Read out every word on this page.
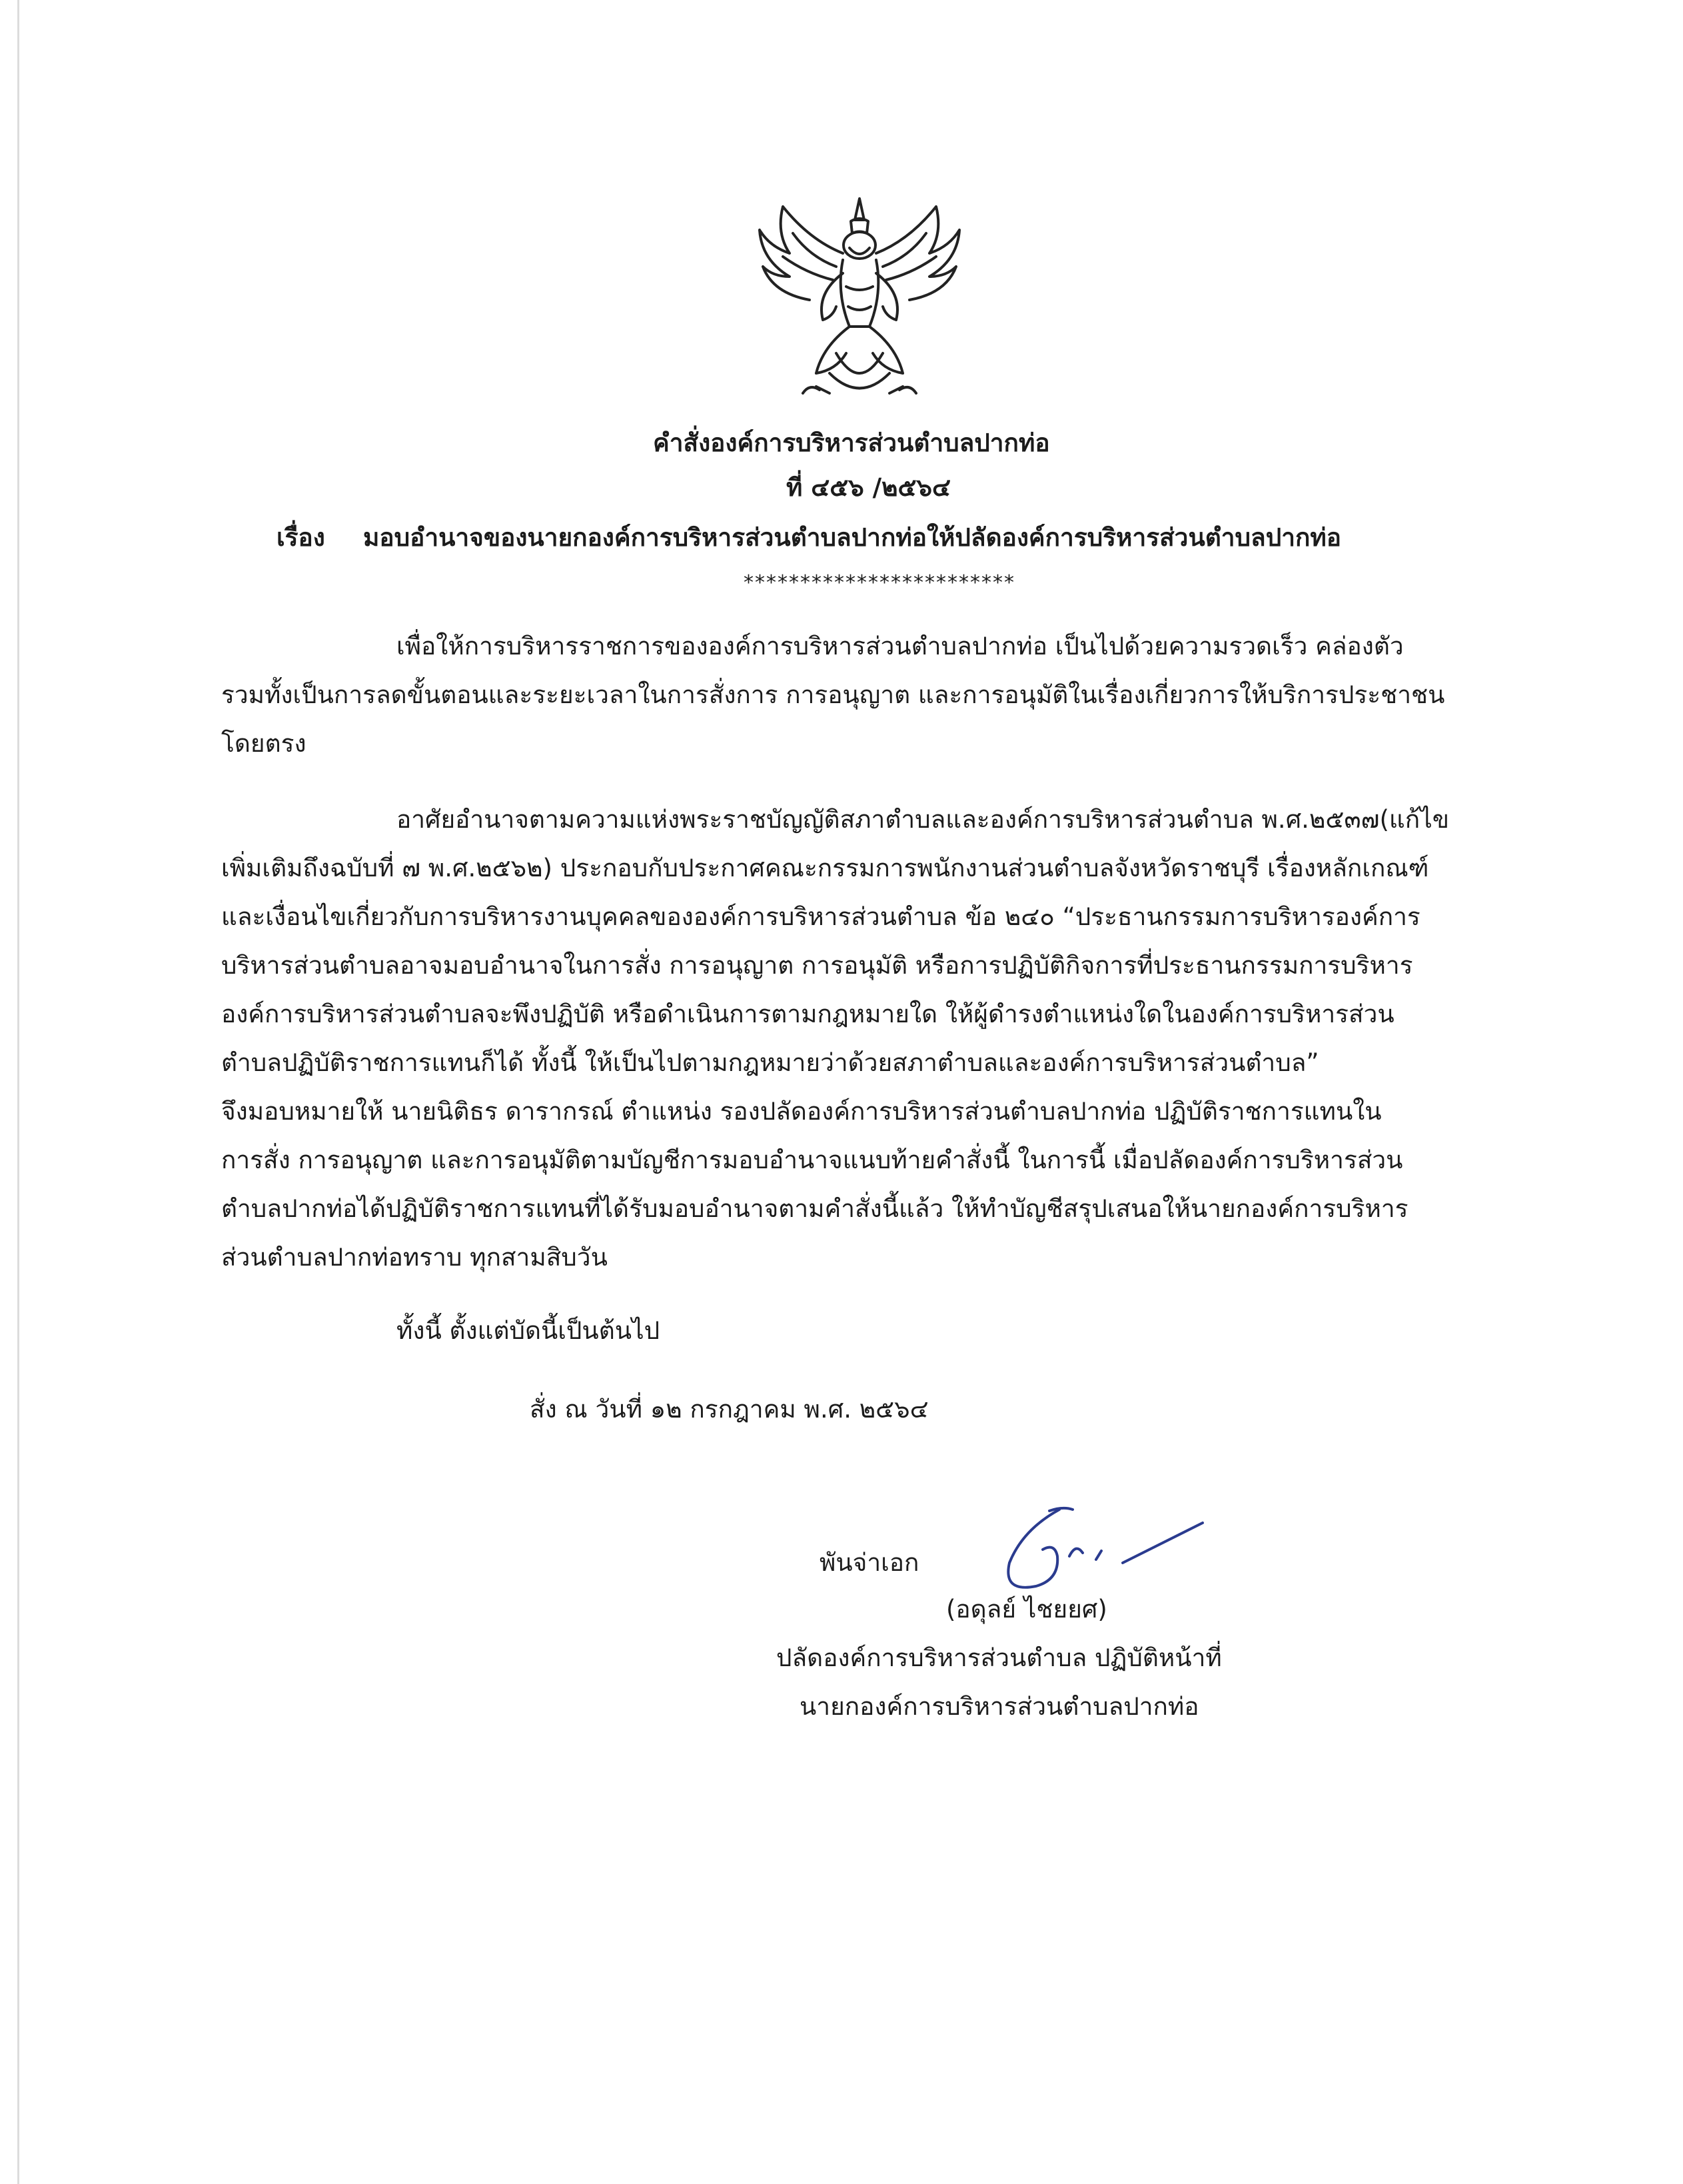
คำสั่งองค์การบริหารส่วนตำบลปากท่อ
ที่ ๔๕๖ /๒๕๖๔
เรื่อง มอบอำนาจของนายกองค์การบริหารส่วนตำบลปากท่อให้ปลัดองค์การบริหารส่วนตำบลปากท่อ
************************
เพื่อให้การบริหารราชการขององค์การบริหารส่วนตำบลปากท่อ เป็นไปด้วยความรวดเร็ว คล่องตัว
รวมทั้งเป็นการลดขั้นตอนและระยะเวลาในการสั่งการ การอนุญาต และการอนุมัติในเรื่องเกี่ยวการให้บริการประชาชน
โดยตรง
อาศัยอำนาจตามความแห่งพระราชบัญญัติสภาตำบลและองค์การบริหารส่วนตำบล พ.ศ.๒๕๓๗(แก้ไข
เพิ่มเติมถึงฉบับที่ ๗ พ.ศ.๒๕๖๒) ประกอบกับประกาศคณะกรรมการพนักงานส่วนตำบลจังหวัดราชบุรี เรื่องหลักเกณฑ์
และเงื่อนไขเกี่ยวกับการบริหารงานบุคคลขององค์การบริหารส่วนตำบล ข้อ ๒๔๐ “ประธานกรรมการบริหารองค์การ
บริหารส่วนตำบลอาจมอบอำนาจในการสั่ง การอนุญาต การอนุมัติ หรือการปฏิบัติกิจการที่ประธานกรรมการบริหาร
องค์การบริหารส่วนตำบลจะพึงปฏิบัติ หรือดำเนินการตามกฎหมายใด ให้ผู้ดำรงตำแหน่งใดในองค์การบริหารส่วน
ตำบลปฏิบัติราชการแทนก็ได้ ทั้งนี้ ให้เป็นไปตามกฎหมายว่าด้วยสภาตำบลและองค์การบริหารส่วนตำบล”
จึงมอบหมายให้ นายนิติธร ดารากรณ์ ตำแหน่ง รองปลัดองค์การบริหารส่วนตำบลปากท่อ ปฏิบัติราชการแทนใน
การสั่ง การอนุญาต และการอนุมัติตามบัญชีการมอบอำนาจแนบท้ายคำสั่งนี้ ในการนี้ เมื่อปลัดองค์การบริหารส่วน
ตำบลปากท่อได้ปฏิบัติราชการแทนที่ได้รับมอบอำนาจตามคำสั่งนี้แล้ว ให้ทำบัญชีสรุปเสนอให้นายกองค์การบริหาร
ส่วนตำบลปากท่อทราบ ทุกสามสิบวัน
ทั้งนี้ ตั้งแต่บัดนี้เป็นต้นไป
สั่ง ณ วันที่ ๑๒ กรกฎาคม พ.ศ. ๒๕๖๔
พันจ่าเอก
(อดุลย์ ไชยยศ)
ปลัดองค์การบริหารส่วนตำบล ปฏิบัติหน้าที่
นายกองค์การบริหารส่วนตำบลปากท่อ
